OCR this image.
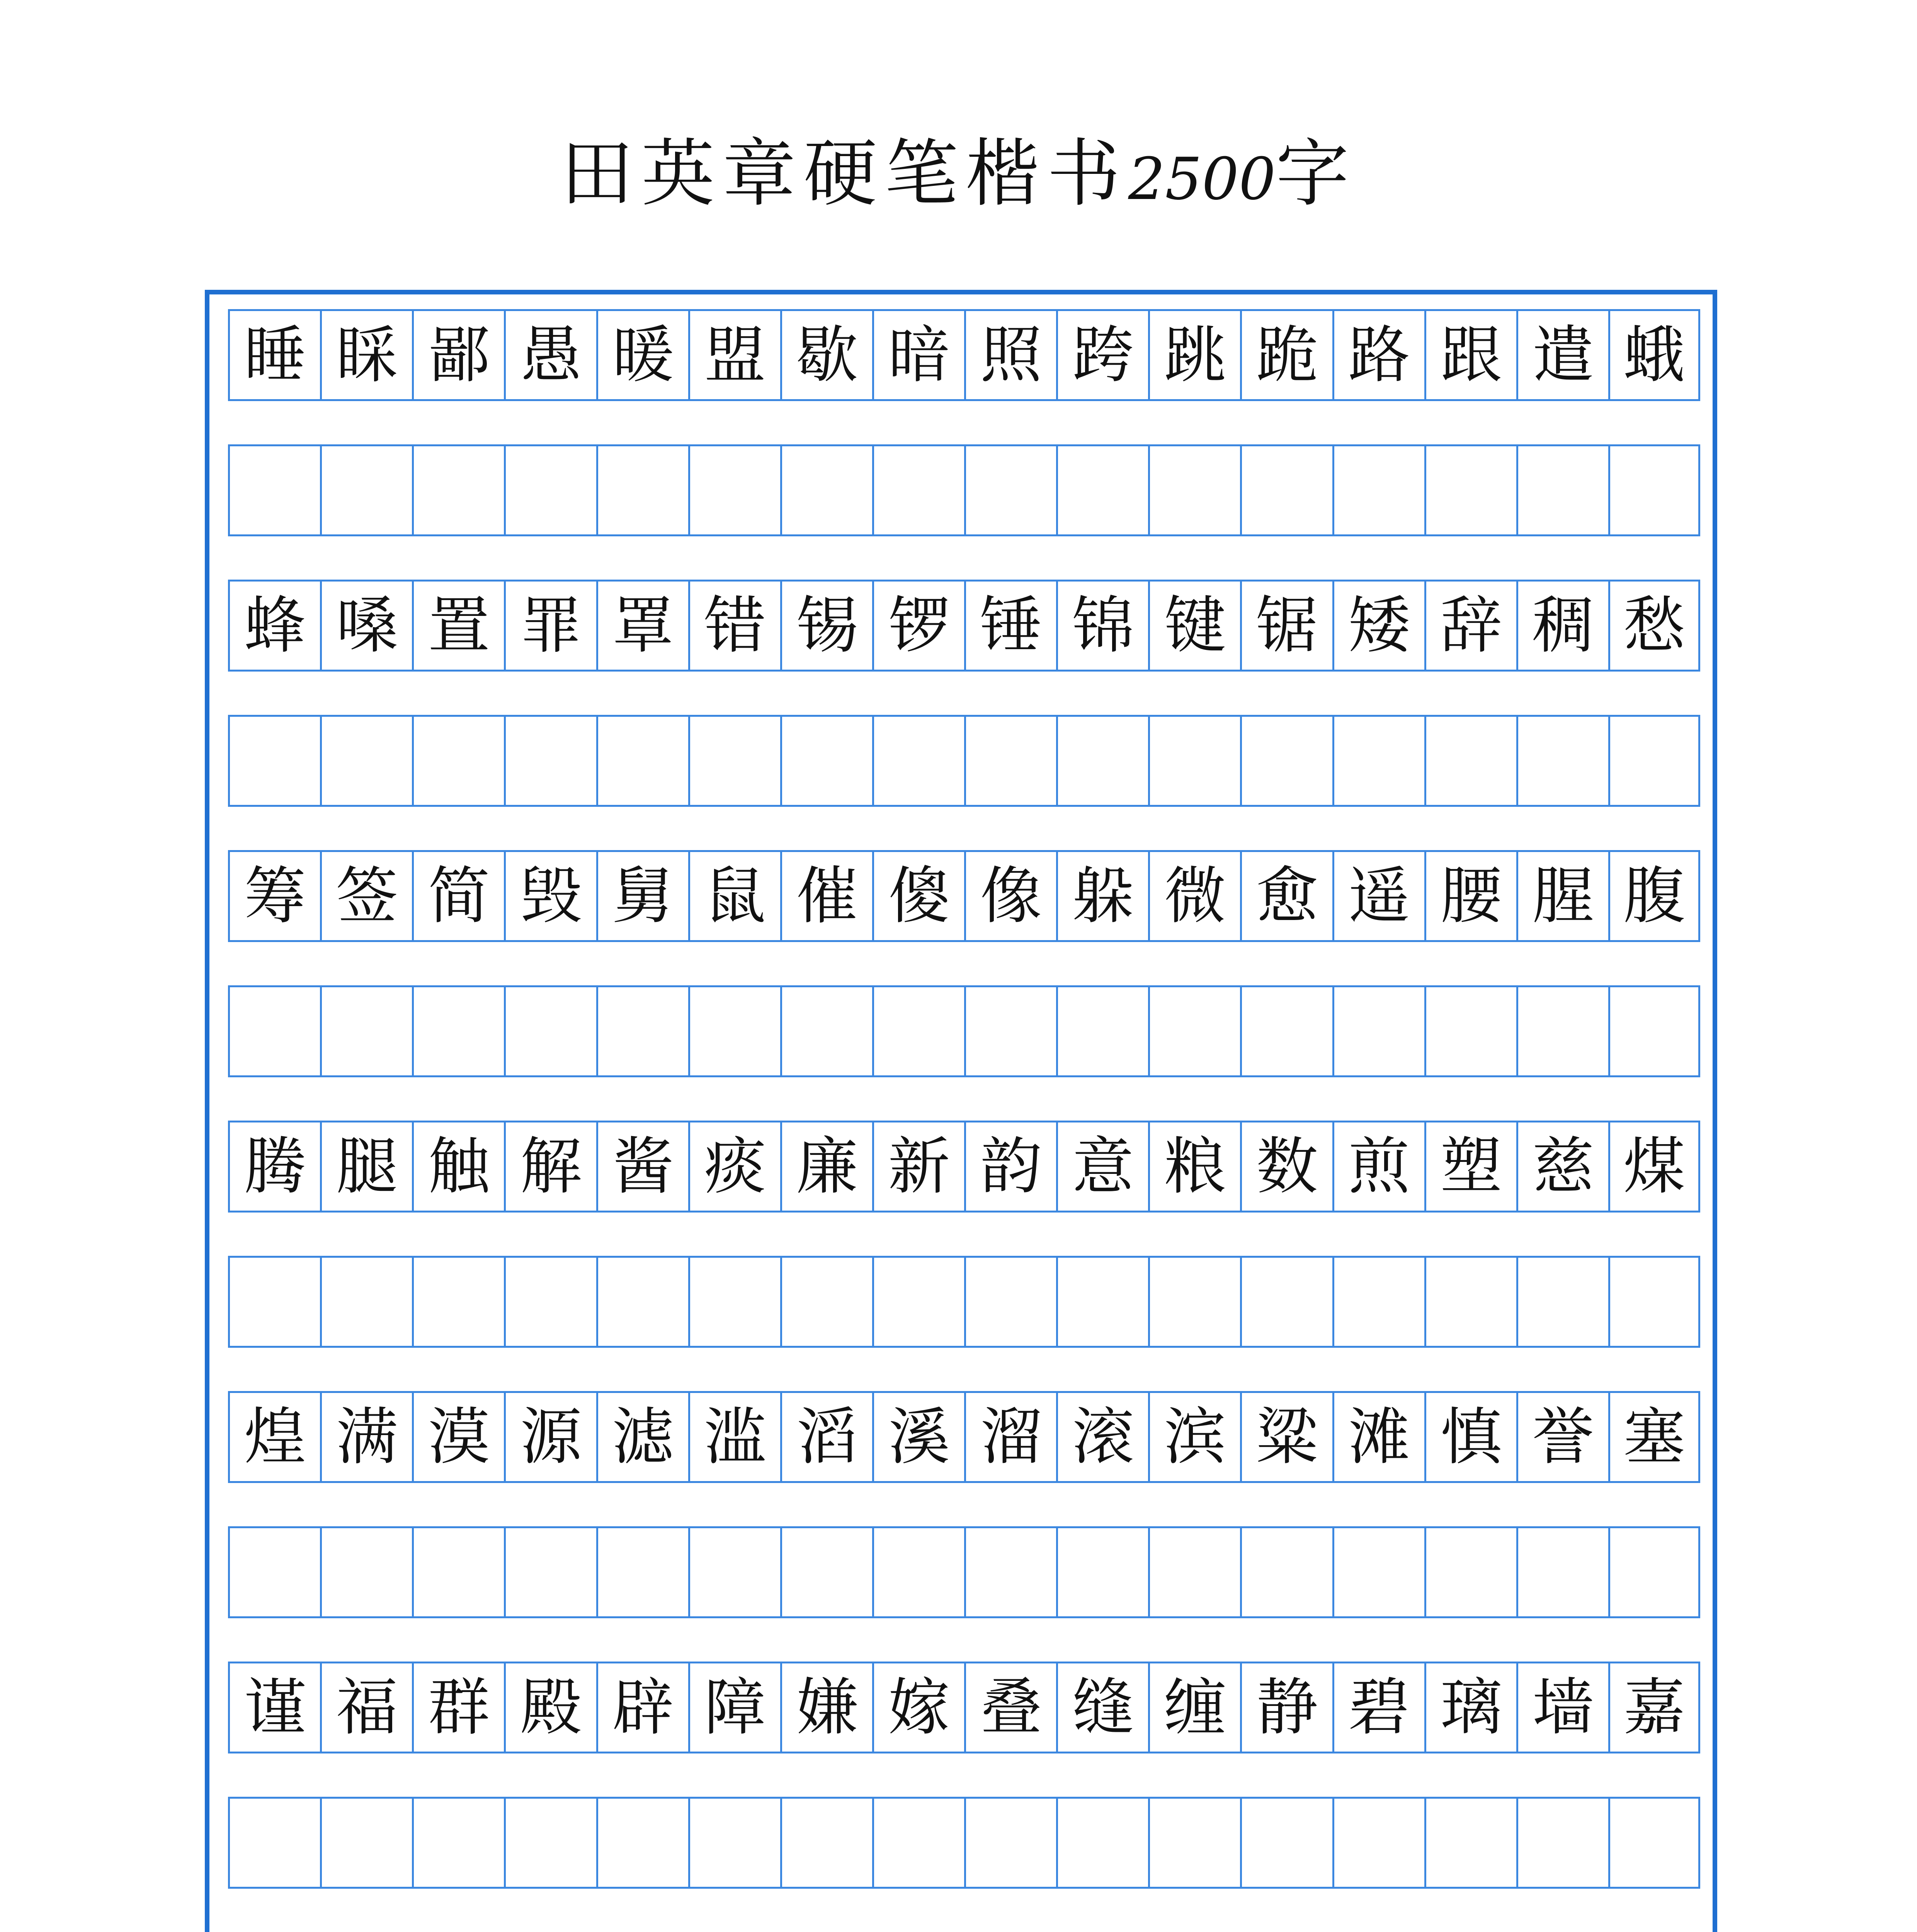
田英章硬笔楷书2500字
睡 睬 鄙 愚 暖 盟 歇 暗 照 跨 跳 跪 路 跟 遣 蛾
蜂 嗓 置 罪 罩 错 锡 锣 锤 锦 键 锯 矮 辞 稠 愁
筹 签 简 毁 舅 鼠 催 傻 像 躲 微 愈 遥 腰 腥 腹
腾 腿 触 解 酱 痰 廉 新 韵 意 粮 数 煎 塑 慈 煤
煌 满 漠 源 滤 滥 滔 溪 溜 滚 滨 粱 滩 慎 誉 塞
谨 福 群 殿 辟 障 嫌 嫁 叠 缝 缠 静 碧 璃 墙 嘉
